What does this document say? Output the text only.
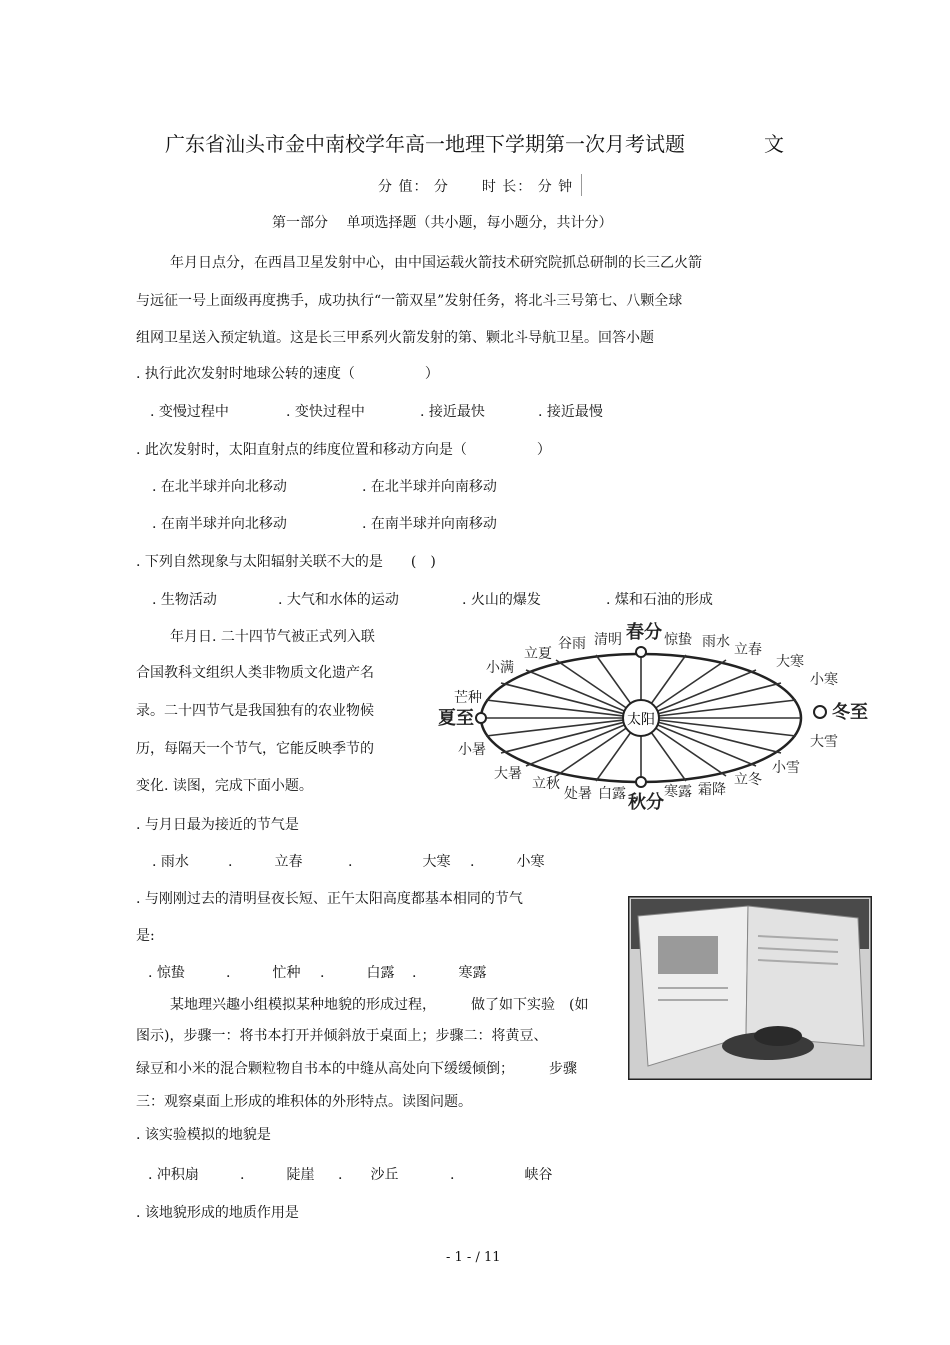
广东省汕头市金中南校学年高一地理下学期第一次月考试题	文
分 值： 分 时 长： 分 钟
第一部分　 单项选择题（共小题，每小题分，共计分）
年月日点分，在西昌卫星发射中心，由中国运载火箭技术研究院抓总研制的长三乙火箭
与远征一号上面级再度携手，成功执行“一箭双星”发射任务，将北斗三号第七、八颗全球
组网卫星送入预定轨道。这是长三甲系列火箭发射的第、颗北斗导航卫星。回答小题
. 执行此次发射时地球公转的速度（　　　　　）
. 变慢过程中	. 变快过程中	. 接近最快	. 接近最慢
. 此次发射时，太阳直射点的纬度位置和移动方向是（　　　　　）
. 在北半球并向北移动	. 在北半球并向南移动
. 在南半球并向北移动	. 在南半球并向南移动
. 下列自然现象与太阳辐射关联不大的是　　(　)
. 生物活动	. 大气和水体的运动	. 火山的爆发	. 煤和石油的形成
年月日. 二十四节气被正式列入联
合国教科文组织人类非物质文化遗产名
录。二十四节气是我国独有的农业物候
历，每隔天一个节气，它能反映季节的
变化. 读图，完成下面小题。
太阳
春分
夏至
秋分
冬至
惊蛰 雨水 立春
大寒
小寒
大雪
小雪
立冬
霜降
寒露
白露
处暑
立秋
大暑
小暑
芒种
小满
立夏
谷雨 清明
. 与月日最为接近的节气是
. 雨水	.　　　立春	.　　　　　大寒 .　　　小寒
. 与刚刚过去的清明昼夜长短、正午太阳高度都基本相同的节气
是:
. 惊蛰	.　　　忙种 .　　　白露 .　　　寒露
某地理兴趣小组模拟某种地貌的形成过程，　　　做了如下实验　(如
图示)，步骤一：将书本打开并倾斜放于桌面上；步骤二：将黄豆、
绿豆和小米的混合颗粒物自书本的中缝从高处向下缓缓倾倒；　　　步骤
三：观察桌面上形成的堆积体的外形特点。读图问题。
. 该实验模拟的地貌是
. 冲积扇	.　　　陡崖 .　　沙丘	.　　　　　峡谷
. 该地貌形成的地质作用是
- 1 - / 11
